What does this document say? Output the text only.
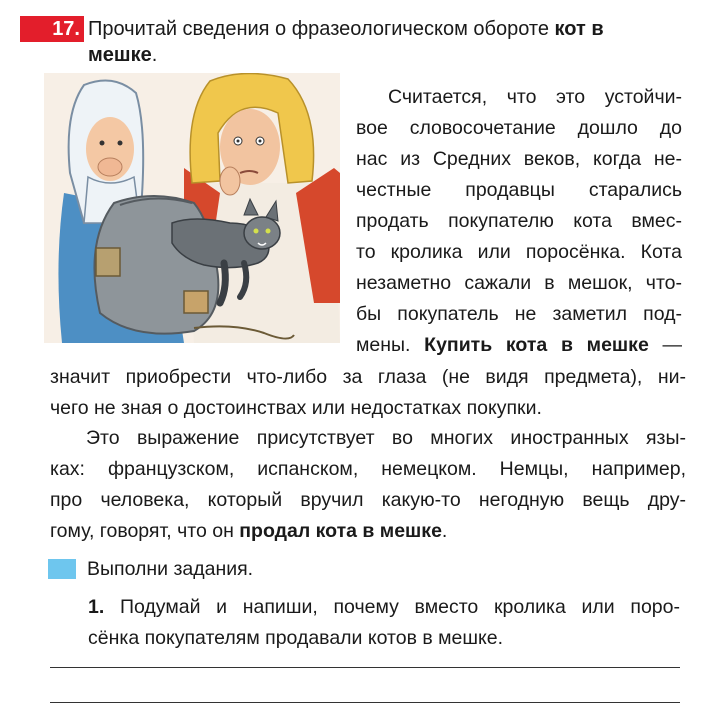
17. Прочитай сведения о фразеологическом обороте кот в
мешке.
Считается, что это устойчи-
вое словосочетание дошло до
нас из Средних веков, когда не-
честные продавцы старались
продать покупателю кота вмес-
то кролика или поросёнка. Кота
незаметно сажали в мешок, что-
бы покупатель не заметил под-
мены. Купить кота в мешке —
значит приобрести что-либо за глаза (не видя предмета), ни-
чего не зная о достоинствах или недостатках покупки.
Это выражение присутствует во многих иностранных язы-
ках: французском, испанском, немецком. Немцы, например,
про человека, который вручил какую-то негодную вещь дру-
гому, говорят, что он продал кота в мешке.
Выполни задания.
1. Подумай и напиши, почему вместо кролика или поро-
сёнка покупателям продавали котов в мешке.
